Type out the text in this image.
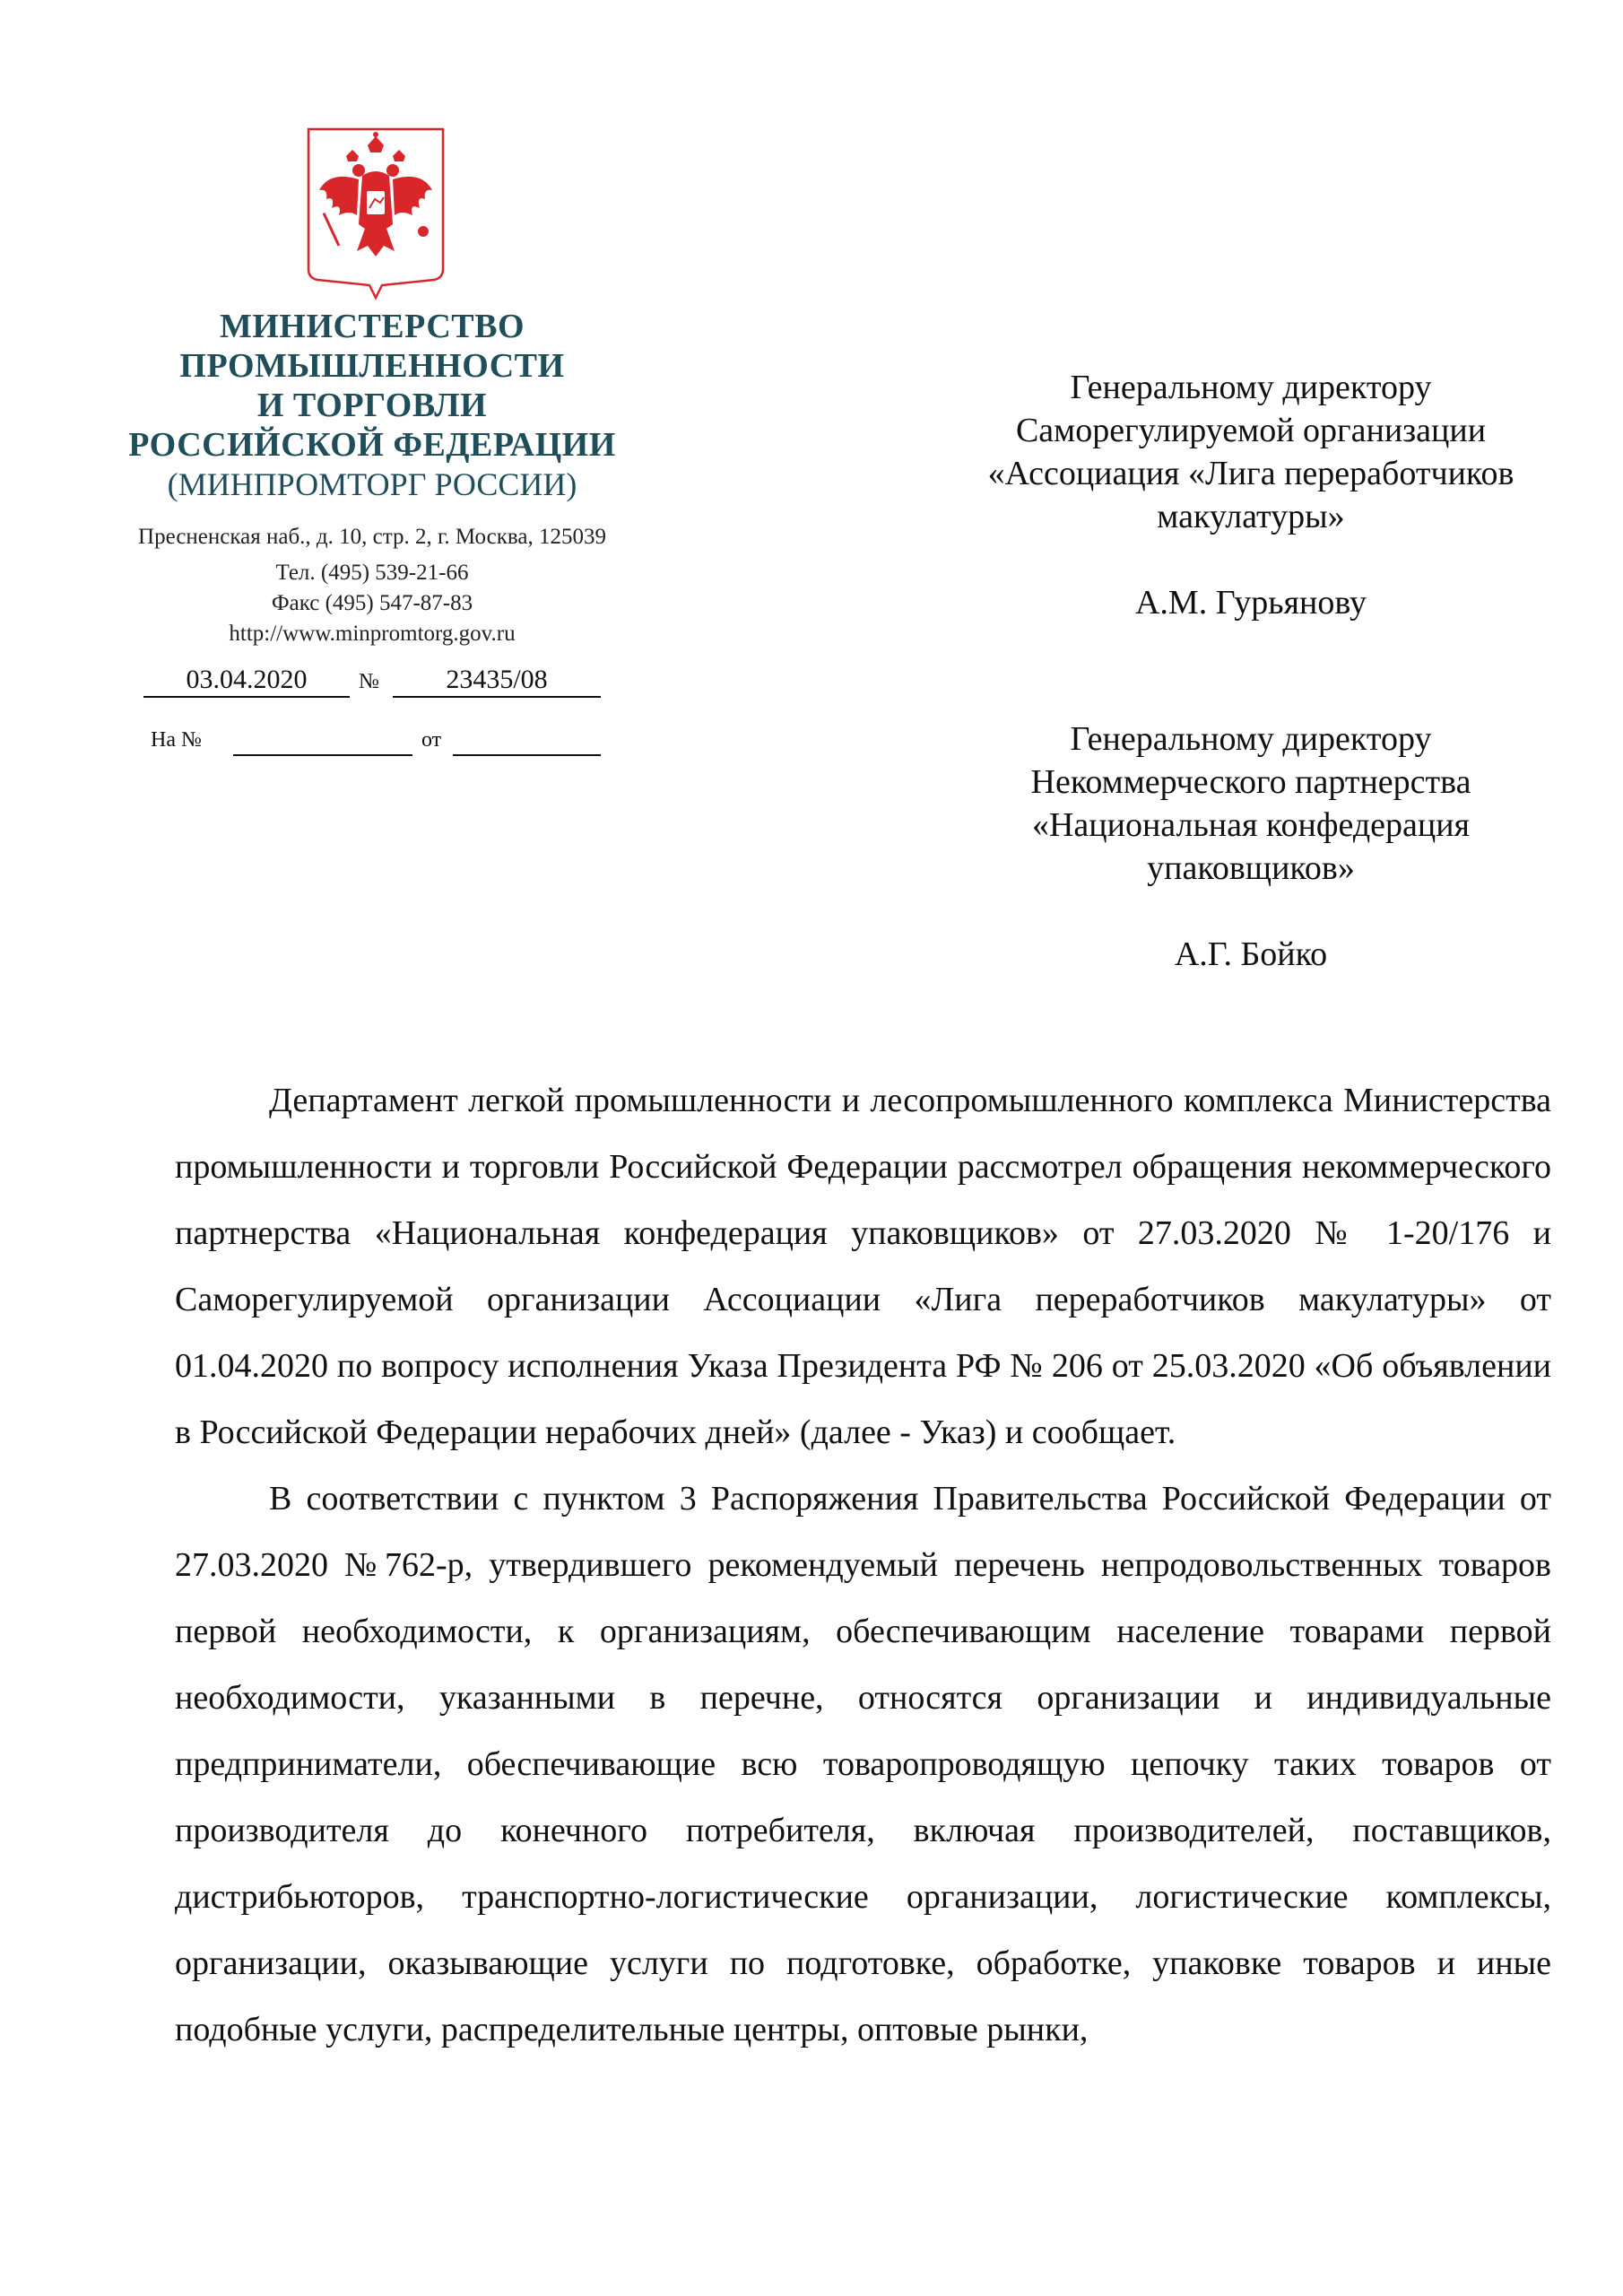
МИНИСТЕРСТВО
ПРОМЫШЛЕННОСТИ
И ТОРГОВЛИ
РОССИЙСКОЙ ФЕДЕРАЦИИ
(МИНПРОМТОРГ РОССИИ)
Пресненская наб., д. 10, стр. 2, г. Москва, 125039
Тел. (495) 539-21-66
Факс (495) 547-87-83
http://www.minpromtorg.gov.ru
03.04.2020	№	23435/08
На №	от
Генеральному директору
Саморегулируемой организации
«Ассоциация «Лига переработчиков
макулатуры»
А.М. Гурьянову
Генеральному директору
Некоммерческого партнерства
«Национальная конфедерация
упаковщиков»
А.Г. Бойко

Департамент легкой промышленности и лесопромышленного комплекса Министерства промышленности и торговли Российской Федерации рассмотрел обращения некоммерческого партнерства «Национальная конфедерация упаковщиков» от 27.03.2020 № 1-20/176 и Саморегулируемой организации Ассоциации «Лига переработчиков макулатуры» от 01.04.2020 по вопросу исполнения Указа Президента РФ № 206 от 25.03.2020 «Об объявлении в Российской Федерации нерабочих дней» (далее - Указ) и сообщает.

В соответствии с пунктом 3 Распоряжения Правительства Российской Федерации от 27.03.2020 №762-р, утвердившего рекомендуемый перечень непродовольственных товаров первой необходимости, к организациям, обеспечивающим население товарами первой необходимости, указанными в перечне, относятся организации и индивидуальные предприниматели, обеспечивающие всю товаропроводящую цепочку таких товаров от производителя до конечного потребителя, включая производителей, поставщиков, дистрибьюторов, транспортно-логистические организации, логистические комплексы, организации, оказывающие услуги по подготовке, обработке, упаковке товаров и иные подобные услуги, распределительные центры, оптовые рынки,
